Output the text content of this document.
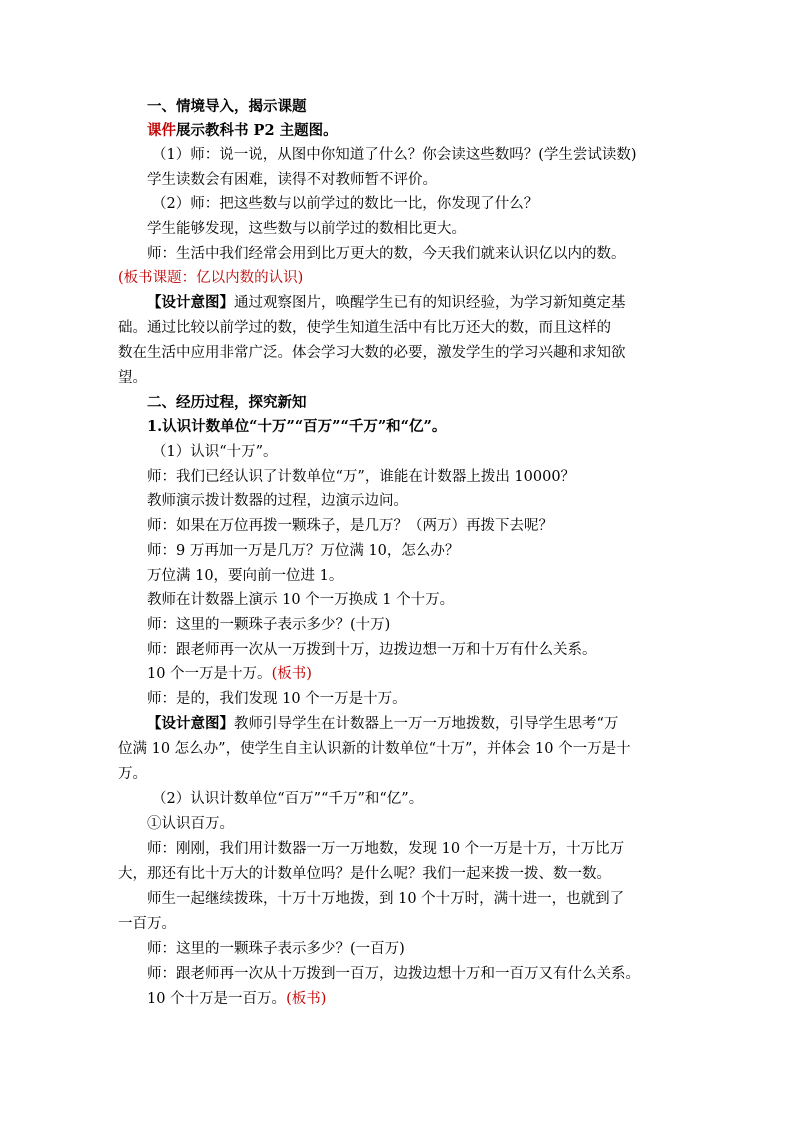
一、情境导入，揭示课题
课件展示教科书 P2 主题图。
（1）师：说一说，从图中你知道了什么？你会读这些数吗？(学生尝试读数)
学生读数会有困难，读得不对教师暂不评价。
（2）师：把这些数与以前学过的数比一比，你发现了什么？
学生能够发现，这些数与以前学过的数相比更大。
师：生活中我们经常会用到比万更大的数，今天我们就来认识亿以内的数。
(板书课题：亿以内数的认识)
【设计意图】通过观察图片，唤醒学生已有的知识经验，为学习新知奠定基
础。通过比较以前学过的数，使学生知道生活中有比万还大的数，而且这样的
数在生活中应用非常广泛。体会学习大数的必要，激发学生的学习兴趣和求知欲
望。
二、经历过程，探究新知
1.认识计数单位“十万”“百万”“千万”和“亿”。
（1）认识“十万”。
师：我们已经认识了计数单位“万”，谁能在计数器上拨出 10000？
教师演示拨计数器的过程，边演示边问。
师：如果在万位再拨一颗珠子，是几万？（两万）再拨下去呢？
师：9 万再加一万是几万？万位满 10，怎么办？
万位满 10，要向前一位进 1。
教师在计数器上演示 10 个一万换成 1 个十万。
师：这里的一颗珠子表示多少？(十万)
师：跟老师再一次从一万拨到十万，边拨边想一万和十万有什么关系。
10 个一万是十万。(板书)
师：是的，我们发现 10 个一万是十万。
【设计意图】教师引导学生在计数器上一万一万地拨数，引导学生思考“万
位满 10 怎么办”，使学生自主认识新的计数单位“十万”，并体会 10 个一万是十
万。
（2）认识计数单位“百万”“千万”和“亿”。
①认识百万。
师：刚刚，我们用计数器一万一万地数，发现 10 个一万是十万，十万比万
大，那还有比十万大的计数单位吗？是什么呢？我们一起来拨一拨、数一数。
师生一起继续拨珠，十万十万地拨，到 10 个十万时，满十进一，也就到了
一百万。
师：这里的一颗珠子表示多少？(一百万)
师：跟老师再一次从十万拨到一百万，边拨边想十万和一百万又有什么关系。
10 个十万是一百万。(板书)
